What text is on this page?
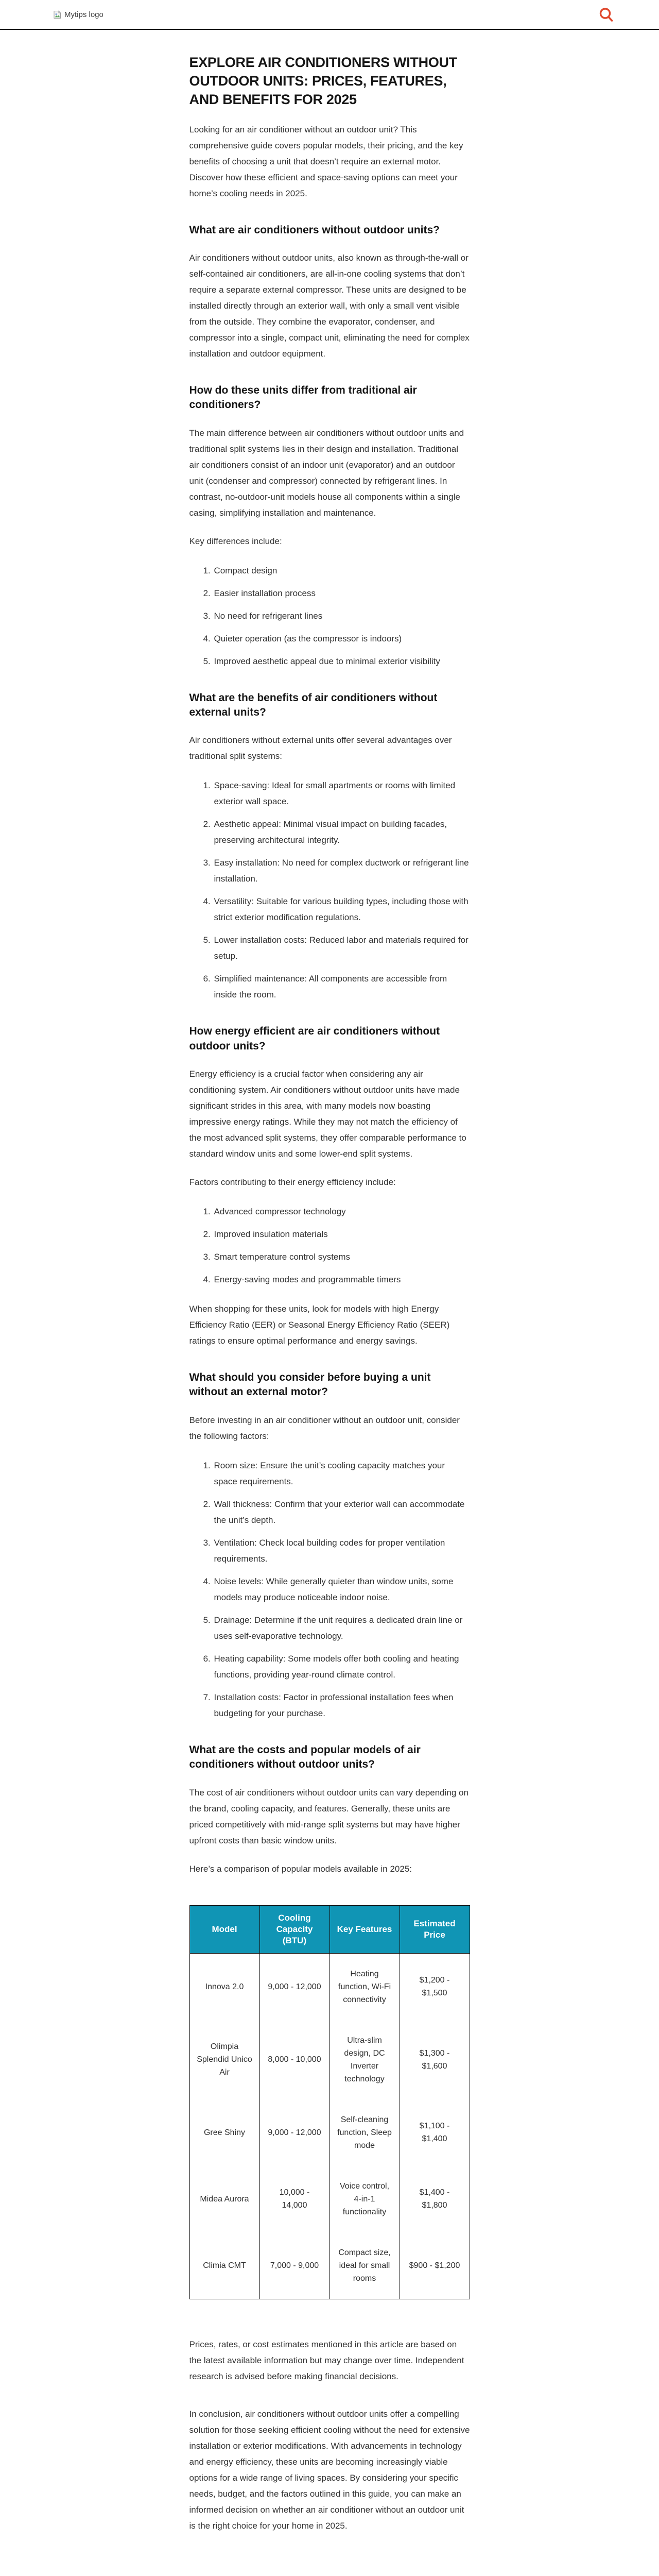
Mytips logo
EXPLORE AIR CONDITIONERS WITHOUT OUTDOOR UNITS: PRICES, FEATURES, AND BENEFITS FOR 2025

Looking for an air conditioner without an outdoor unit? This comprehensive guide covers popular models, their pricing, and the key benefits of choosing a unit that doesn’t require an external motor. Discover how these efficient and space-saving options can meet your home’s cooling needs in 2025.

What are air conditioners without outdoor units?

Air conditioners without outdoor units, also known as through-the-wall or self-contained air conditioners, are all-in-one cooling systems that don’t require a separate external compressor. These units are designed to be installed directly through an exterior wall, with only a small vent visible from the outside. They combine the evaporator, condenser, and compressor into a single, compact unit, eliminating the need for complex installation and outdoor equipment.

How do these units differ from traditional air conditioners?

The main difference between air conditioners without outdoor units and traditional split systems lies in their design and installation. Traditional air conditioners consist of an indoor unit (evaporator) and an outdoor unit (condenser and compressor) connected by refrigerant lines. In contrast, no-outdoor-unit models house all components within a single casing, simplifying installation and maintenance.

Key differences include:

1. Compact design
2. Easier installation process
3. No need for refrigerant lines
4. Quieter operation (as the compressor is indoors)
5. Improved aesthetic appeal due to minimal exterior visibility
What are the benefits of air conditioners without external units?

Air conditioners without external units offer several advantages over traditional split systems:

1. Space-saving: Ideal for small apartments or rooms with limited exterior wall space.
2. Aesthetic appeal: Minimal visual impact on building facades, preserving architectural integrity.
3. Easy installation: No need for complex ductwork or refrigerant line installation.
4. Versatility: Suitable for various building types, including those with strict exterior modification regulations.
5. Lower installation costs: Reduced labor and materials required for setup.
6. Simplified maintenance: All components are accessible from inside the room.
How energy efficient are air conditioners without outdoor units?

Energy efficiency is a crucial factor when considering any air conditioning system. Air conditioners without outdoor units have made significant strides in this area, with many models now boasting impressive energy ratings. While they may not match the efficiency of the most advanced split systems, they offer comparable performance to standard window units and some lower-end split systems.

Factors contributing to their energy efficiency include:

1. Advanced compressor technology
2. Improved insulation materials
3. Smart temperature control systems
4. Energy-saving modes and programmable timers

When shopping for these units, look for models with high Energy Efficiency Ratio (EER) or Seasonal Energy Efficiency Ratio (SEER) ratings to ensure optimal performance and energy savings.

What should you consider before buying a unit without an external motor?

Before investing in an air conditioner without an outdoor unit, consider the following factors:

1. Room size: Ensure the unit’s cooling capacity matches your space requirements.
2. Wall thickness: Confirm that your exterior wall can accommodate the unit’s depth.
3. Ventilation: Check local building codes for proper ventilation requirements.
4. Noise levels: While generally quieter than window units, some models may produce noticeable indoor noise.
5. Drainage: Determine if the unit requires a dedicated drain line or uses self-evaporative technology.
6. Heating capability: Some models offer both cooling and heating functions, providing year-round climate control.
7. Installation costs: Factor in professional installation fees when budgeting for your purchase.
What are the costs and popular models of air conditioners without outdoor units?

The cost of air conditioners without outdoor units can vary depending on the brand, cooling capacity, and features. Generally, these units are priced competitively with mid-range split systems but may have higher upfront costs than basic window units.

Here’s a comparison of popular models available in 2025:

Model	Cooling Capacity (BTU)	Key Features	Estimated Price
Innova 2.0	9,000 - 12,000	Heating function, Wi-Fi connectivity	$1,200 - $1,500
Olimpia Splendid Unico Air	8,000 - 10,000	Ultra-slim design, DC Inverter technology	$1,300 - $1,600
Gree Shiny	9,000 - 12,000	Self-cleaning function, Sleep mode	$1,100 - $1,400
Midea Aurora	10,000 - 14,000	Voice control, 4-in-1 functionality	$1,400 - $1,800
Climia CMT	7,000 - 9,000	Compact size, ideal for small rooms	$900 - $1,200

Prices, rates, or cost estimates mentioned in this article are based on the latest available information but may change over time. Independent research is advised before making financial decisions.

In conclusion, air conditioners without outdoor units offer a compelling solution for those seeking efficient cooling without the need for extensive installation or exterior modifications. With advancements in technology and energy efficiency, these units are becoming increasingly viable options for a wide range of living spaces. By considering your specific needs, budget, and the factors outlined in this guide, you can make an informed decision on whether an air conditioner without an outdoor unit is the right choice for your home in 2025.
